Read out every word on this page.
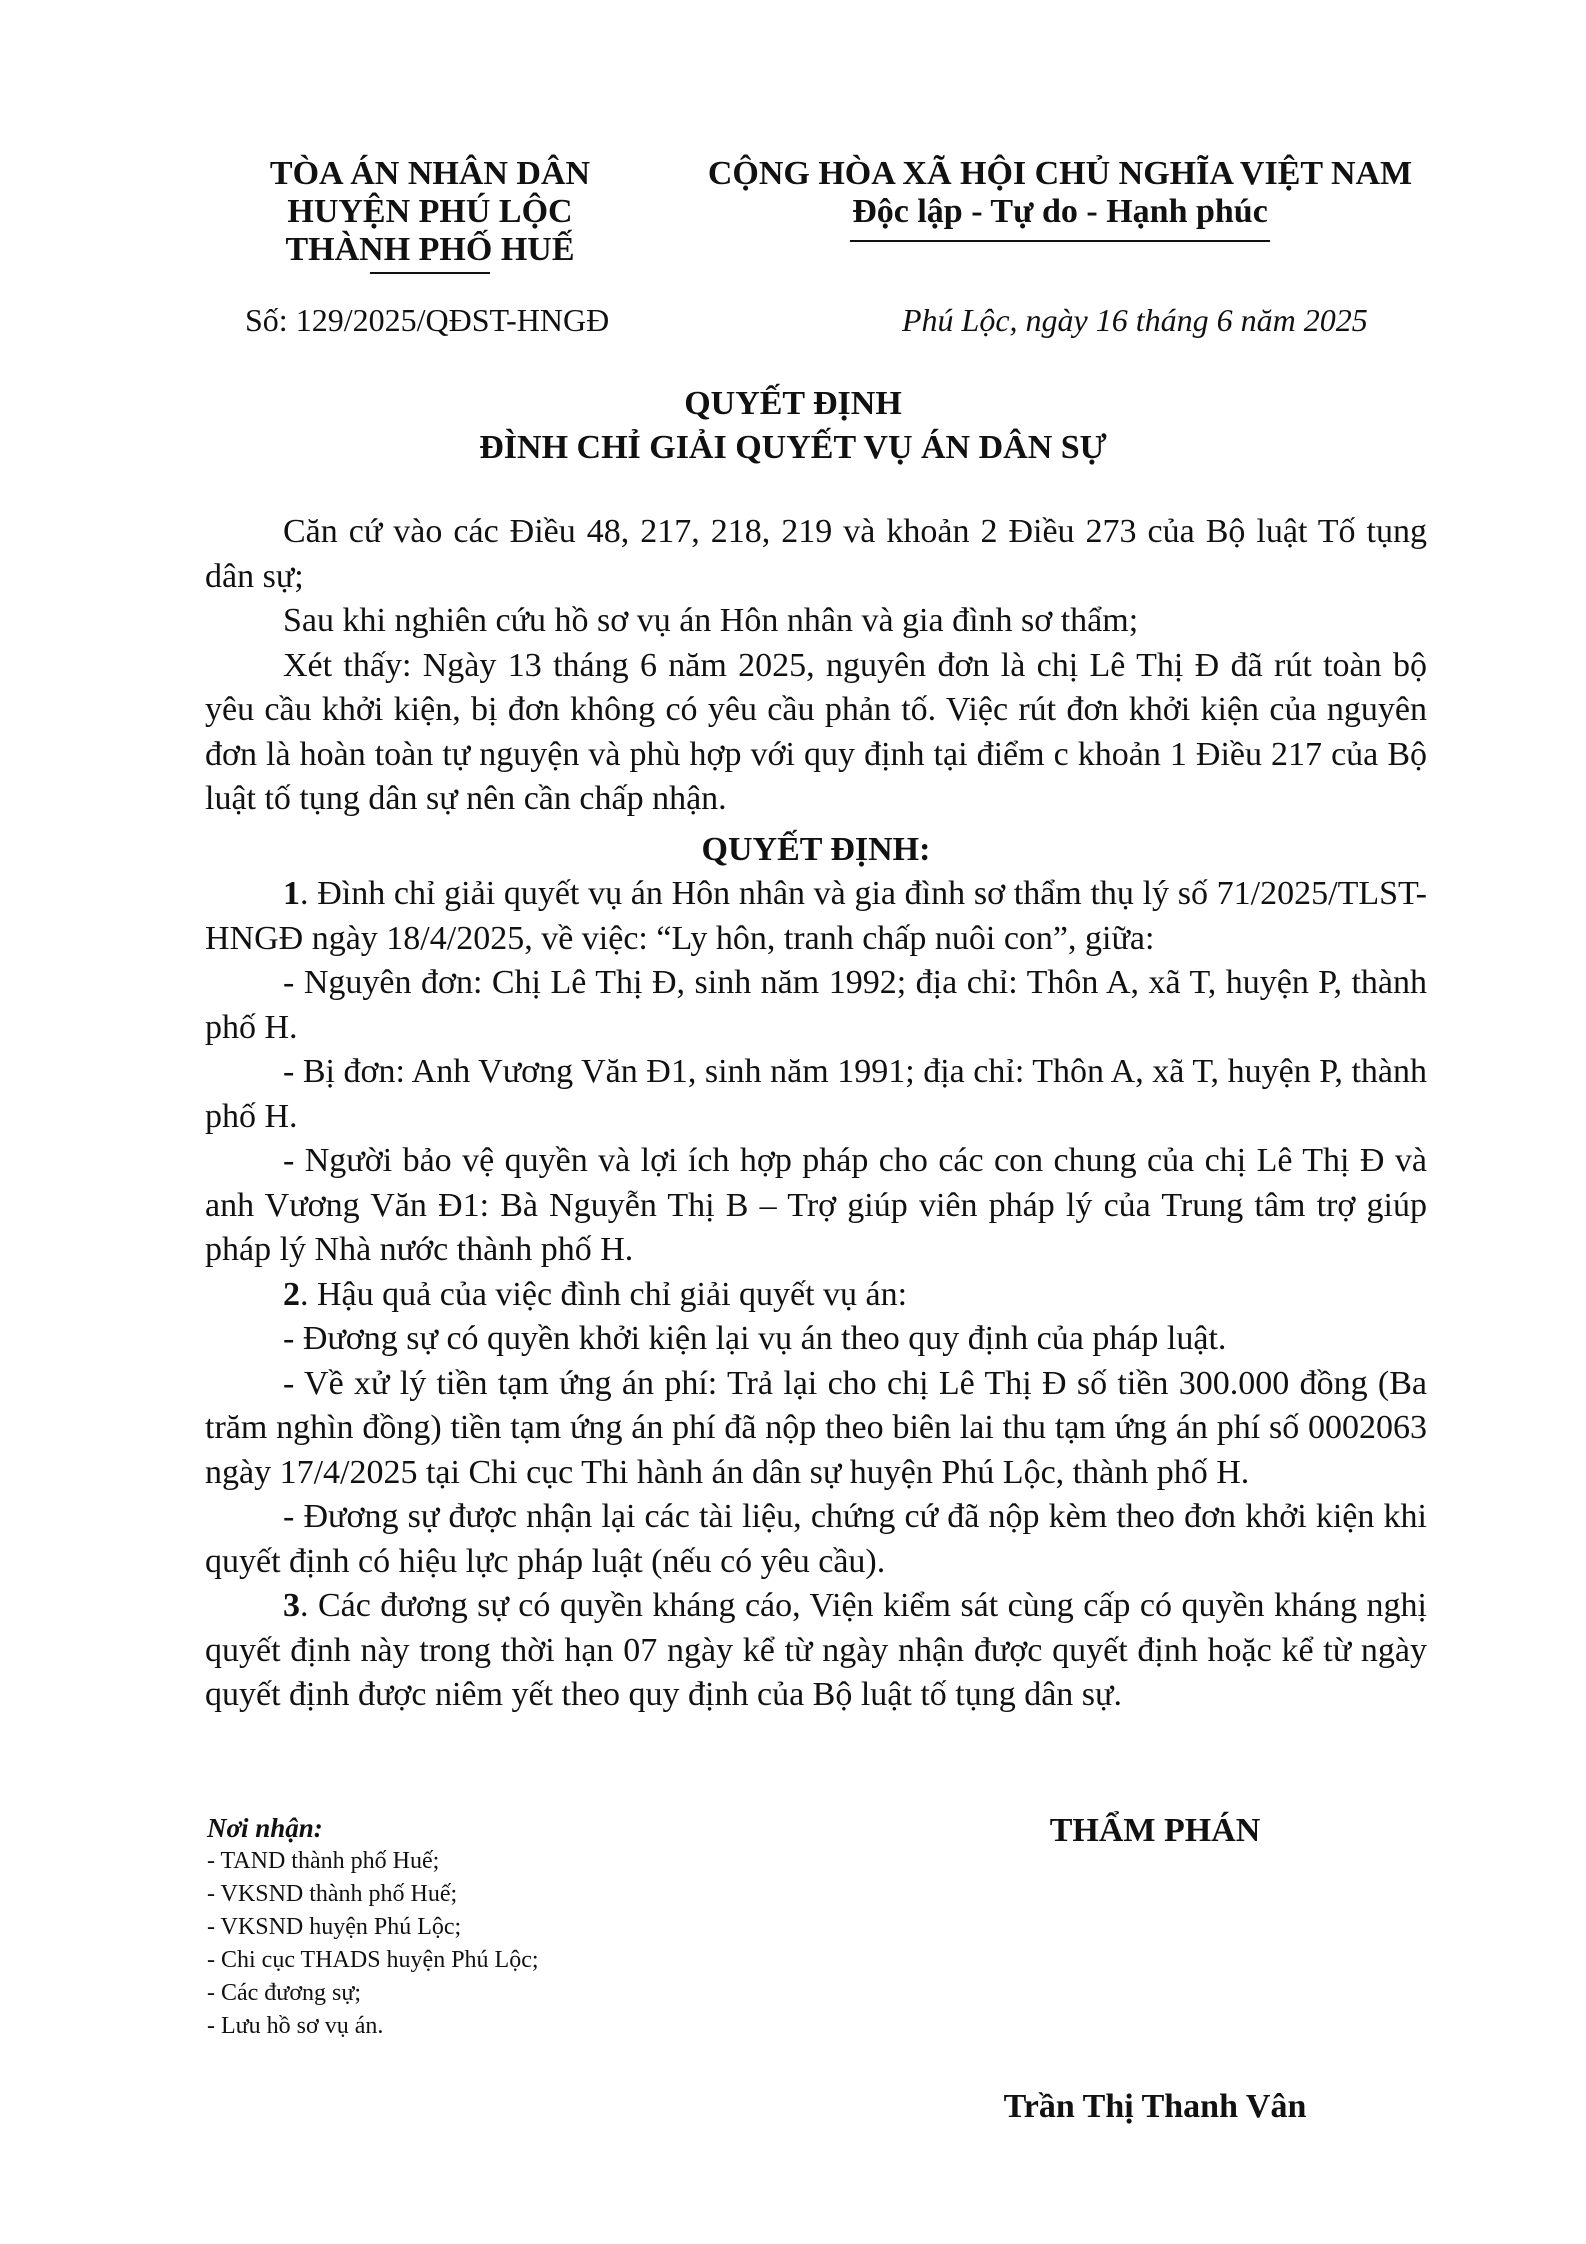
TÒA ÁN NHÂN DÂN
HUYỆN PHÚ LỘC
THÀNH PHỐ HUẾ
CỘNG HÒA XÃ HỘI CHỦ NGHĨA VIỆT NAM
Độc lập - Tự do - Hạnh phúc
Số: 129/2025/QĐST-HNGĐ	Phú Lộc, ngày 16 tháng 6 năm 2025
QUYẾT ĐỊNH
ĐÌNH CHỈ GIẢI QUYẾT VỤ ÁN DÂN SỰ

Căn cứ vào các Điều 48, 217, 218, 219 và khoản 2 Điều 273 của Bộ luật Tố tụng dân sự;

Sau khi nghiên cứu hồ sơ vụ án Hôn nhân và gia đình sơ thẩm;

Xét thấy: Ngày 13 tháng 6 năm 2025, nguyên đơn là chị Lê Thị Đ đã rút toàn bộ yêu cầu khởi kiện, bị đơn không có yêu cầu phản tố. Việc rút đơn khởi kiện của nguyên đơn là hoàn toàn tự nguyện và phù hợp với quy định tại điểm c khoản 1 Điều 217 của Bộ luật tố tụng dân sự nên cần chấp nhận.

QUYẾT ĐỊNH:

1. Đình chỉ giải quyết vụ án Hôn nhân và gia đình sơ thẩm thụ lý số 71/2025/TLST-HNGĐ ngày 18/4/2025, về việc: “Ly hôn, tranh chấp nuôi con”, giữa:

- Nguyên đơn: Chị Lê Thị Đ, sinh năm 1992; địa chỉ: Thôn A, xã T, huyện P, thành phố H.

- Bị đơn: Anh Vương Văn Đ1, sinh năm 1991; địa chỉ: Thôn A, xã T, huyện P, thành phố H.

- Người bảo vệ quyền và lợi ích hợp pháp cho các con chung của chị Lê Thị Đ và anh Vương Văn Đ1: Bà Nguyễn Thị B – Trợ giúp viên pháp lý của Trung tâm trợ giúp pháp lý Nhà nước thành phố H.

2. Hậu quả của việc đình chỉ giải quyết vụ án:

- Đương sự có quyền khởi kiện lại vụ án theo quy định của pháp luật.

- Về xử lý tiền tạm ứng án phí: Trả lại cho chị Lê Thị Đ số tiền 300.000 đồng (Ba trăm nghìn đồng) tiền tạm ứng án phí đã nộp theo biên lai thu tạm ứng án phí số 0002063 ngày 17/4/2025 tại Chi cục Thi hành án dân sự huyện Phú Lộc, thành phố H.

- Đương sự được nhận lại các tài liệu, chứng cứ đã nộp kèm theo đơn khởi kiện khi quyết định có hiệu lực pháp luật (nếu có yêu cầu).

3. Các đương sự có quyền kháng cáo, Viện kiểm sát cùng cấp có quyền kháng nghị quyết định này trong thời hạn 07 ngày kể từ ngày nhận được quyết định hoặc kể từ ngày quyết định được niêm yết theo quy định của Bộ luật tố tụng dân sự.

Nơi nhận:
- TAND thành phố Huế;
- VKSND thành phố Huế;
- VKSND huyện Phú Lộc;
- Chi cục THADS huyện Phú Lộc;
- Các đương sự;
- Lưu hồ sơ vụ án.
THẨM PHÁN
Trần Thị Thanh Vân
